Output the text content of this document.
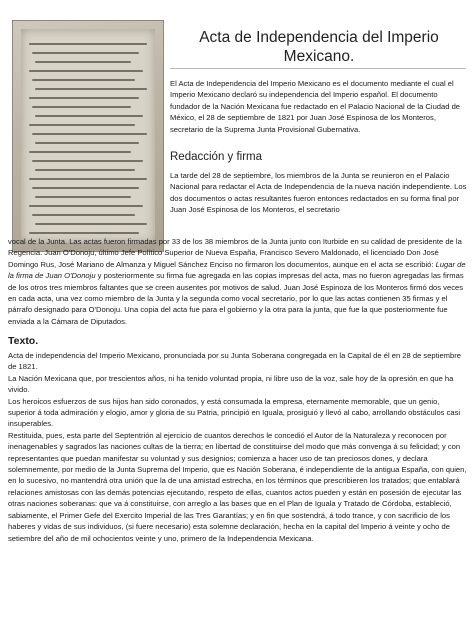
Acta de Independencia del Imperio Mexicano.

El Acta de Independencia del Imperio Mexicano es el documento mediante el cual el Imperio Mexicano declaró su independencia del Imperio español. El documento fundador de la Nación Mexicana fue redactado en el Palacio Nacional de la Ciudad de México, el 28 de septiembre de 1821 por Juan José Espinosa de los Monteros, secretario de la Suprema Junta Provisional Gubernativa.

Redacción y firma

La tarde del 28 de septiembre, los miembros de la Junta se reunieron en el Palacio Nacional para redactar el Acta de Independencia de la nueva nación independiente. Los dos documentos o actas resultantes fueron entonces redactados en su forma final por Juan José Espinosa de los Monteros, el secretario

vocal de la Junta. Las actas fueron firmadas por 33 de los 38 miembros de la Junta junto con Iturbide en su calidad de presidente de la Regencia. Juan O'Donoju, último Jefe Político Superior de Nueva España, Francisco Severo Maldonado, el licenciado Don José Domingo Rus, José Mariano de Almanza y Miguel Sánchez Enciso no firmaron los documentos, aunque en el acta se escribió: Lugar de la firma de Juan O'Donoju y posteriormente su firma fue agregada en las copias impresas del acta, mas no fueron agregadas las firmas de los otros tres miembros faltantes que se creen ausentes por motivos de salud. Juan José Espinoza de los Monteros firmó dos veces en cada acta, una vez como miembro de la Junta y la segunda como vocal secretario, por lo que las actas contienen 35 firmas y el párrafo designado para O'Donoju. Una copia del acta fue para el gobierno y la otra para la junta, que fue la que posteriormente fue enviada a la Cámara de Diputados.

Texto.

Acta de independencia del Imperio Mexicano, pronunciada por su Junta Soberana congregada en la Capital de él en 28 de septiembre de 1821.

La Nación Mexicana que, por trescientos años, ni ha tenido voluntad propia, ni libre uso de la voz, sale hoy de la opresión en que ha vivido.

Los heroicos esfuerzos de sus hijos han sido coronados, y está consumada la empresa, eternamente memorable, que un genio, superior á toda admiración y elogio, amor y gloria de su Patria, principió en Iguala, prosiguió y llevó al cabo, arrollando obstáculos casi insuperables.

Restituida, pues, esta parte del Septentrión al ejercicio de cuantos derechos le concedió el Autor de la Naturaleza y reconocen por inenagenables y sagrados las naciones cultas de la tierra; en libertad de constituirse del modo que más convenga á su felicidad; y con representantes que puedan manifestar su voluntad y sus designios; comienza a hacer uso de tan preciosos dones, y declara solemnemente, por medio de la Junta Suprema del Imperio, que es Nación Soberana, é independiente de la antigua España, con quien, en lo sucesivo, no mantendrá otra unión que la de una amistad estrecha, en los términos que prescribieren los tratados; que entablará relaciones amistosas con las demás potencias ejecutando, respeto de ellas, cuantos actos pueden y están en posesión de ejecutar las otras naciones soberanas: que va á constituirse, con arreglo a las bases que en el Plan de Iguala y Tratado de Córdoba, estableció, sabiamente, el Primer Gefe del Exercito Imperial de las Tres Garantías; y en fin que sostendrá, á todo trance, y con sacrificio de los haberes y vidas de sus individuos, (si fuere necesario) esta solemne declaración, hecha en la capital del Imperio á veinte y ocho de setiembre del año de mil ochocientos veinte y uno, primero de la Independencia Mexicana.
